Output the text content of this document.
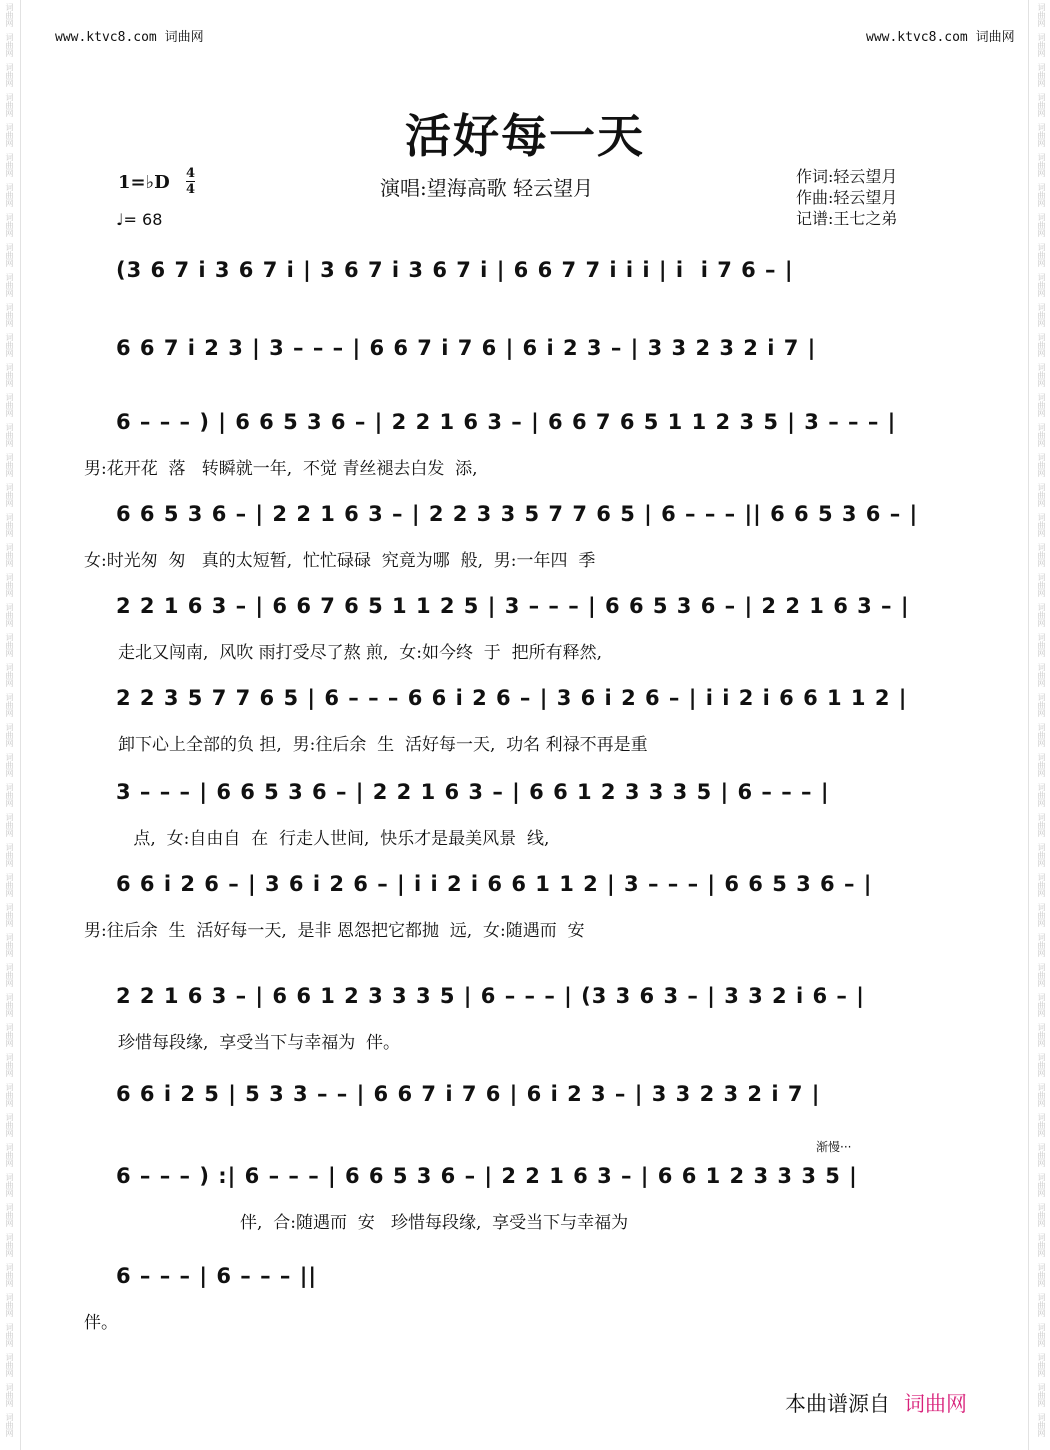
词曲网
词曲网
词曲网
词曲网
词曲网
词曲网
词曲网
词曲网
词曲网
词曲网
词曲网
词曲网
词曲网
词曲网
词曲网
词曲网
词曲网
词曲网
词曲网
词曲网
词曲网
词曲网
词曲网
词曲网
词曲网
词曲网
词曲网
词曲网
词曲网
词曲网
词曲网
词曲网
词曲网
词曲网
词曲网
词曲网
词曲网
词曲网
词曲网
词曲网
词曲网
词曲网
词曲网
词曲网
词曲网
词曲网
词曲网
词曲网
词曲网
词曲网
词曲网
词曲网
词曲网
词曲网
词曲网
词曲网
词曲网
词曲网
词曲网
词曲网
词曲网
词曲网
词曲网
词曲网
词曲网
词曲网
词曲网
词曲网
词曲网
词曲网
词曲网
词曲网
词曲网
词曲网
词曲网
词曲网
词曲网
词曲网
词曲网
词曲网
词曲网
词曲网
词曲网
词曲网
词曲网
词曲网
词曲网
词曲网
词曲网
词曲网
词曲网
词曲网
词曲网
词曲网
词曲网
词曲网
www.ktvc8.com 词曲网	www.ktvc8.com 词曲网
活好每一天
1=♭D 4
4
♩= 68
演唱:望海高歌 轻云望月	作词:轻云望月
作曲:轻云望月
记谱:王七之弟
(3 6 7 i 3 6 7 i | 3 6 7 i 3 6 7 i | 6 6 7 7 i i i | i  i 7 6 – |
6 6 7 i 2 3 | 3 – – – | 6 6 7 i 7 6 | 6 i 2 3 – | 3 3 2 3 2 i 7 |
6 – – – ) | 6 6 5 3 6 – | 2 2 1 6 3 – | 6 6 7 6 5 1 1 2 3 5 | 3 – – – |
男:花开花  落   转瞬就一年,  不觉 青丝褪去白发  添,
6 6 5 3 6 – | 2 2 1 6 3 – | 2 2 3 3 5 7 7 6 5 | 6 – – – || 6 6 5 3 6 – |
女:时光匆  匆   真的太短暂,  忙忙碌碌  究竟为哪  般,  男:一年四  季
2 2 1 6 3 – | 6 6 7 6 5 1 1 2 5 | 3 – – – | 6 6 5 3 6 – | 2 2 1 6 3 – |
走北又闯南,  风吹 雨打受尽了熬 煎,  女:如今终  于  把所有释然,
2 2 3 5 7 7 6 5 | 6 – – – 6 6 i 2 6 – | 3 6 i 2 6 – | i i 2 i 6 6 1 1 2 |
卸下心上全部的负 担,  男:往后余  生  活好每一天,  功名 利禄不再是重
3 – – – | 6 6 5 3 6 – | 2 2 1 6 3 – | 6 6 1 2 3 3 3 5 | 6 – – – |
点,  女:自由自  在  行走人世间,  快乐才是最美风景  线,
6 6 i 2 6 – | 3 6 i 2 6 – | i i 2 i 6 6 1 1 2 | 3 – – – | 6 6 5 3 6 – |
男:往后余  生  活好每一天,  是非 恩怨把它都抛  远,  女:随遇而  安
2 2 1 6 3 – | 6 6 1 2 3 3 3 5 | 6 – – – | (3 3 6 3 – | 3 3 2 i 6 – |
珍惜每段缘,  享受当下与幸福为  伴。
6 6 i 2 5 | 5 3 3 – – | 6 6 7 i 7 6 | 6 i 2 3 – | 3 3 2 3 2 i 7 |
6 – – – ) :| 6 – – – | 6 6 5 3 6 – | 2 2 1 6 3 – | 6 6 1 2 3 3 3 5 |
伴,  合:随遇而  安   珍惜每段缘,  享受当下与幸福为
渐慢···
6 – – – | 6 – – – ||
伴。
本曲谱源自 词曲网
